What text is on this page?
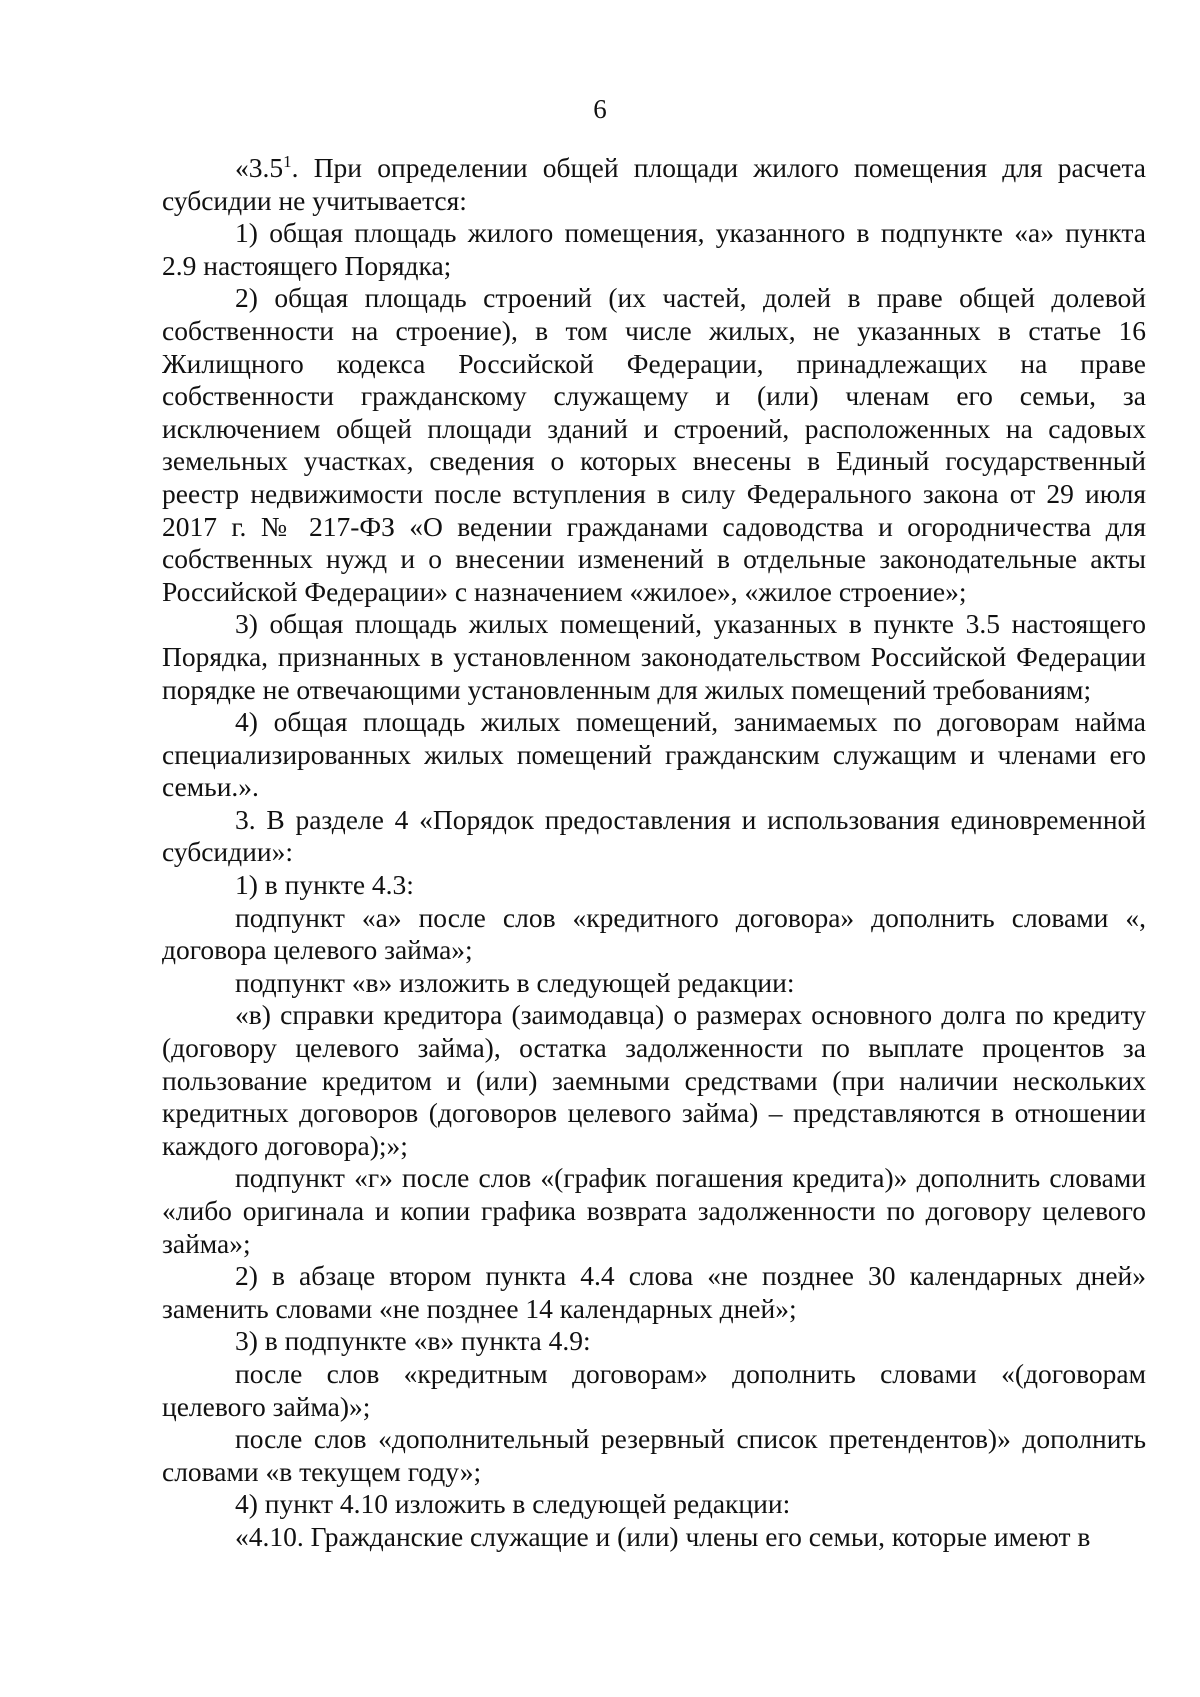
6

«$3.5^1$. При определении общей площади жилого помещения для расчета субсидии не учитывается:

1) общая площадь жилого помещения, указанного в подпункте «а» пункта 2.9 настоящего Порядка;

2) общая площадь строений (их частей, долей в праве общей долевой собственности на строение), в том числе жилых, не указанных в статье 16 Жилищного кодекса Российской Федерации, принадлежащих на праве собственности гражданскому служащему и (или) членам его семьи, за исключением общей площади зданий и строений, расположенных на садовых земельных участках, сведения о которых внесены в Единый государственный реестр недвижимости после вступления в силу Федерального закона от 29 июля 2017 г. № 217-ФЗ «О ведении гражданами садоводства и огородничества для собственных нужд и о внесении изменений в отдельные законодательные акты Российской Федерации» с назначением «жилое», «жилое строение»;

3) общая площадь жилых помещений, указанных в пункте 3.5 настоящего Порядка, признанных в установленном законодательством Российской Федерации порядке не отвечающими установленным для жилых помещений требованиям;

4) общая площадь жилых помещений, занимаемых по договорам найма специализированных жилых помещений гражданским служащим и членами его семьи.».

3. В разделе 4 «Порядок предоставления и использования единовременной субсидии»:

1) в пункте 4.3:

подпункт «а» после слов «кредитного договора» дополнить словами «, договора целевого займа»;

подпункт «в» изложить в следующей редакции:

«в) справки кредитора (заимодавца) о размерах основного долга по кредиту (договору целевого займа), остатка задолженности по выплате процентов за пользование кредитом и (или) заемными средствами (при наличии нескольких кредитных договоров (договоров целевого займа) – представляются в отношении каждого договора);»;

подпункт «г» после слов «(график погашения кредита)» дополнить словами «либо оригинала и копии графика возврата задолженности по договору целевого займа»;

2) в абзаце втором пункта 4.4 слова «не позднее 30 календарных дней» заменить словами «не позднее 14 календарных дней»;

3) в подпункте «в» пункта 4.9:

после слов «кредитным договорам» дополнить словами «(договорам целевого займа)»;

после слов «дополнительный резервный список претендентов)» дополнить словами «в текущем году»;

4) пункт 4.10 изложить в следующей редакции:

«4.10. Гражданские служащие и (или) члены его семьи, которые имеют в
